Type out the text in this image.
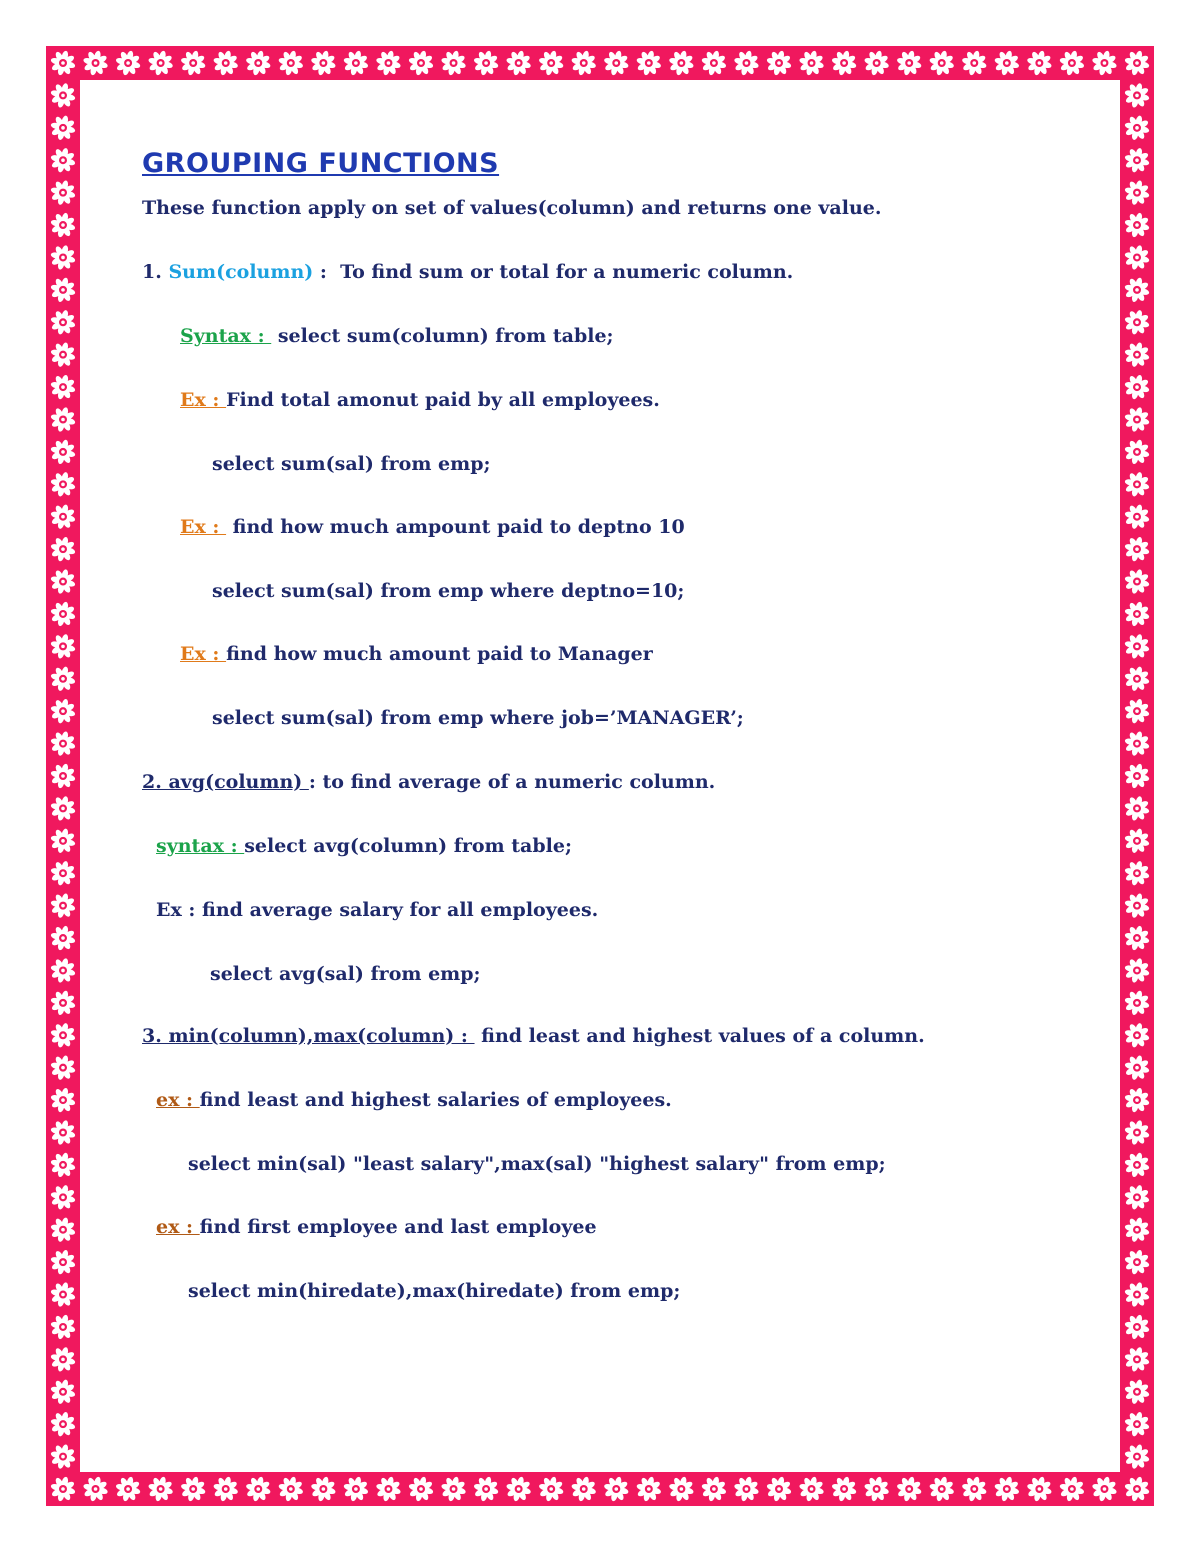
GROUPING FUNCTIONS
These function apply on set of values(column) and returns one value.
1. Sum(column) :  To find sum or total for a numeric column.
Syntax :  select sum(column) from table;
Ex : Find total amonut paid by all employees.
select sum(sal) from emp;
Ex :  find how much ampount paid to deptno 10
select sum(sal) from emp where deptno=10;
Ex : find how much amount paid to Manager
select sum(sal) from emp where job=’MANAGER’;
2. avg(column) : to find average of a numeric column.
syntax : select avg(column) from table;
Ex : find average salary for all employees.
select avg(sal) from emp;
3. min(column),max(column) :  find least and highest values of a column.
ex : find least and highest salaries of employees.
select min(sal) "least salary",max(sal) "highest salary" from emp;
ex : find first employee and last employee
select min(hiredate),max(hiredate) from emp;
